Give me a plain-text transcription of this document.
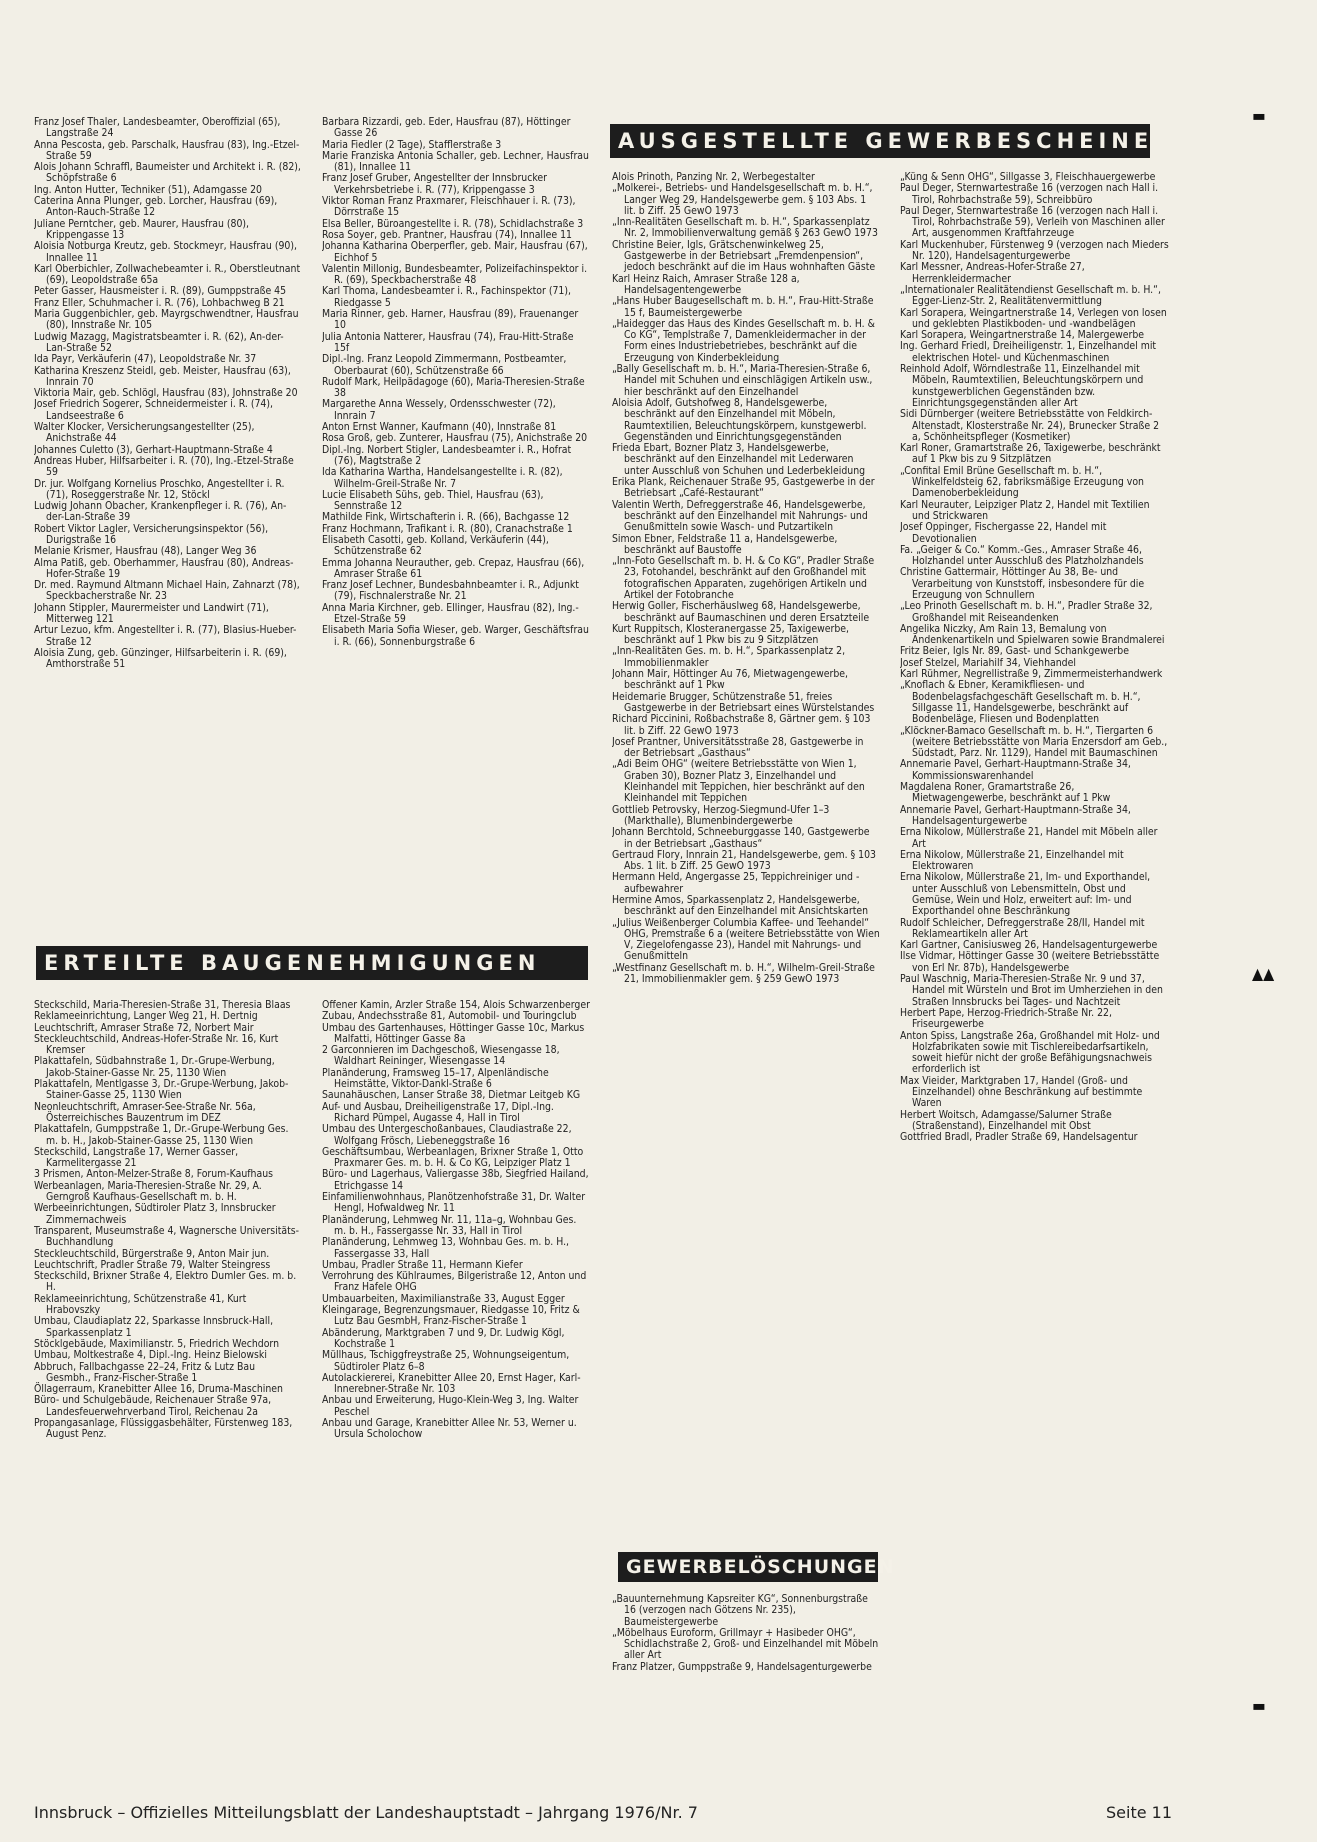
Franz Josef Thaler, Landesbeamter, Oberoffizial (65), Langstraße 24

Anna Pescosta, geb. Parschalk, Hausfrau (83), Ing.-Etzel-Straße 59

Alois Johann Schraffl, Baumeister und Architekt i. R. (82), Schöpfstraße 6

Ing. Anton Hutter, Techniker (51), Adamgasse 20

Caterina Anna Plunger, geb. Lorcher, Hausfrau (69), Anton-Rauch-Straße 12

Juliane Perntcher, geb. Maurer, Hausfrau (80), Krippengasse 13

Aloisia Notburga Kreutz, geb. Stockmeyr, Hausfrau (90), Innallee 11

Karl Oberbichler, Zollwachebeamter i. R., Oberstleutnant (69), Leopoldstraße 65a

Peter Gasser, Hausmeister i. R. (89), Gumppstraße 45

Franz Eller, Schuhmacher i. R. (76), Lohbachweg B 21

Maria Guggenbichler, geb. Mayrgschwendtner, Hausfrau (80), Innstraße Nr. 105

Ludwig Mazagg, Magistratsbeamter i. R. (62), An-der-Lan-Straße 52

Ida Payr, Verkäuferin (47), Leopoldstraße Nr. 37

Katharina Kreszenz Steidl, geb. Meister, Hausfrau (63), Innrain 70

Viktoria Mair, geb. Schlögl, Hausfrau (83), Johnstraße 20

Josef Friedrich Sogerer, Schneidermeister i. R. (74), Landseestraße 6

Walter Klocker, Versicherungsangestellter (25), Anichstraße 44

Johannes Culetto (3), Gerhart-Hauptmann-Straße 4

Andreas Huber, Hilfsarbeiter i. R. (70), Ing.-Etzel-Straße 59

Dr. jur. Wolfgang Kornelius Proschko, Angestellter i. R. (71), Roseggerstraße Nr. 12, Stöckl

Ludwig Johann Obacher, Krankenpfleger i. R. (76), An-der-Lan-Straße 39

Robert Viktor Lagler, Versicherungsinspektor (56), Durigstraße 16

Melanie Krismer, Hausfrau (48), Langer Weg 36

Alma Patiß, geb. Oberhammer, Hausfrau (80), Andreas-Hofer-Straße 19

Dr. med. Raymund Altmann Michael Hain, Zahnarzt (78), Speckbacherstraße Nr. 23

Johann Stippler, Maurermeister und Landwirt (71), Mitterweg 121

Artur Lezuo, kfm. Angestellter i. R. (77), Blasius-Hueber-Straße 12

Aloisia Zung, geb. Günzinger, Hilfsarbeiterin i. R. (69), Amthorstraße 51

Barbara Rizzardi, geb. Eder, Hausfrau (87), Höttinger Gasse 26

Maria Fiedler (2 Tage), Stafflerstraße 3

Marie Franziska Antonia Schaller, geb. Lechner, Hausfrau (81), Innallee 11

Franz Josef Gruber, Angestellter der Innsbrucker Verkehrsbetriebe i. R. (77), Krippengasse 3

Viktor Roman Franz Praxmarer, Fleischhauer i. R. (73), Dörrstraße 15

Elsa Beller, Büroangestellte i. R. (78), Schidlachstraße 3

Rosa Soyer, geb. Prantner, Hausfrau (74), Innallee 11

Johanna Katharina Oberperfler, geb. Mair, Hausfrau (67), Eichhof 5

Valentin Millonig, Bundesbeamter, Polizeifachinspektor i. R. (69), Speckbacherstraße 48

Karl Thoma, Landesbeamter i. R., Fachinspektor (71), Riedgasse 5

Maria Rinner, geb. Harner, Hausfrau (89), Frauenanger 10

Julia Antonia Natterer, Hausfrau (74), Frau-Hitt-Straße 15f

Dipl.-Ing. Franz Leopold Zimmermann, Postbeamter, Oberbaurat (60), Schützenstraße 66

Rudolf Mark, Heilpädagoge (60), Maria-Theresien-Straße 38

Margarethe Anna Wessely, Ordensschwester (72), Innrain 7

Anton Ernst Wanner, Kaufmann (40), Innstraße 81

Rosa Groß, geb. Zunterer, Hausfrau (75), Anichstraße 20

Dipl.-Ing. Norbert Stigler, Landesbeamter i. R., Hofrat (76), Magtstraße 2

Ida Katharina Wartha, Handelsangestellte i. R. (82), Wilhelm-Greil-Straße Nr. 7

Lucie Elisabeth Sühs, geb. Thiel, Hausfrau (63), Sennstraße 12

Mathilde Fink, Wirtschafterin i. R. (66), Bachgasse 12

Franz Hochmann, Trafikant i. R. (80), Cranachstraße 1

Elisabeth Casotti, geb. Kolland, Verkäuferin (44), Schützenstraße 62

Emma Johanna Neurauther, geb. Crepaz, Hausfrau (66), Amraser Straße 61

Franz Josef Lechner, Bundesbahnbeamter i. R., Adjunkt (79), Fischnalerstraße Nr. 21

Anna Maria Kirchner, geb. Ellinger, Hausfrau (82), Ing.-Etzel-Straße 59

Elisabeth Maria Sofia Wieser, geb. Warger, Geschäftsfrau i. R. (66), Sonnenburgstraße 6

ERTEILTE BAUGENEHMIGUNGEN

Steckschild, Maria-Theresien-Straße 31, Theresia Blaas

Reklameeinrichtung, Langer Weg 21, H. Dertnig

Leuchtschrift, Amraser Straße 72, Norbert Mair

Steckleuchtschild, Andreas-Hofer-Straße Nr. 16, Kurt Kremser

Plakattafeln, Südbahnstraße 1, Dr.-Grupe-Werbung, Jakob-Stainer-Gasse Nr. 25, 1130 Wien

Plakattafeln, Mentlgasse 3, Dr.-Grupe-Werbung, Jakob-Stainer-Gasse 25, 1130 Wien

Neonleuchtschrift, Amraser-See-Straße Nr. 56a, Österreichisches Bauzentrum im DEZ

Plakattafeln, Gumppstraße 1, Dr.-Grupe-Werbung Ges. m. b. H., Jakob-Stainer-Gasse 25, 1130 Wien

Steckschild, Langstraße 17, Werner Gasser, Karmelitergasse 21

3 Prismen, Anton-Melzer-Straße 8, Forum-Kaufhaus

Werbeanlagen, Maria-Theresien-Straße Nr. 29, A. Gerngroß Kaufhaus-Gesellschaft m. b. H.

Werbeeinrichtungen, Südtiroler Platz 3, Innsbrucker Zimmernachweis

Transparent, Museumstraße 4, Wagnersche Universitäts-Buchhandlung

Steckleuchtschild, Bürgerstraße 9, Anton Mair jun.

Leuchtschrift, Pradler Straße 79, Walter Steingress

Steckschild, Brixner Straße 4, Elektro Dumler Ges. m. b. H.

Reklameeinrichtung, Schützenstraße 41, Kurt Hrabovszky

Umbau, Claudiaplatz 22, Sparkasse Innsbruck-Hall, Sparkassenplatz 1

Stöcklgebäude, Maximilianstr. 5, Friedrich Wechdorn

Umbau, Moltkestraße 4, Dipl.-Ing. Heinz Bielowski

Abbruch, Fallbachgasse 22–24, Fritz & Lutz Bau Gesmbh., Franz-Fischer-Straße 1

Öllagerraum, Kranebitter Allee 16, Druma-Maschinen

Büro- und Schulgebäude, Reichenauer Straße 97a, Landesfeuerwehrverband Tirol, Reichenau 2a

Propangasanlage, Flüssiggasbehälter, Fürstenweg 183, August Penz.

Offener Kamin, Arzler Straße 154, Alois Schwarzenberger

Zubau, Andechsstraße 81, Automobil- und Touringclub

Umbau des Gartenhauses, Höttinger Gasse 10c, Markus Malfatti, Höttinger Gasse 8a

2 Garconnieren im Dachgeschoß, Wiesengasse 18, Waldhart Reininger, Wiesengasse 14

Planänderung, Framsweg 15–17, Alpenländische Heimstätte, Viktor-Dankl-Straße 6

Saunahäuschen, Lanser Straße 38, Dietmar Leitgeb KG

Auf- und Ausbau, Dreiheiligenstraße 17, Dipl.-Ing. Richard Pümpel, Augasse 4, Hall in Tirol

Umbau des Untergeschoßanbaues, Claudiastraße 22, Wolfgang Frösch, Liebeneggstraße 16

Geschäftsumbau, Werbeanlagen, Brixner Straße 1, Otto Praxmarer Ges. m. b. H. & Co KG, Leipziger Platz 1

Büro- und Lagerhaus, Valiergasse 38b, Siegfried Hailand, Etrichgasse 14

Einfamilienwohnhaus, Planötzenhofstraße 31, Dr. Walter Hengl, Hofwaldweg Nr. 11

Planänderung, Lehmweg Nr. 11, 11a–g, Wohnbau Ges. m. b. H., Fassergasse Nr. 33, Hall in Tirol

Planänderung, Lehmweg 13, Wohnbau Ges. m. b. H., Fassergasse 33, Hall

Umbau, Pradler Straße 11, Hermann Kiefer

Verrohrung des Kühlraumes, Bilgeristraße 12, Anton und Franz Hafele OHG

Umbauarbeiten, Maximilianstraße 33, August Egger

Kleingarage, Begrenzungsmauer, Riedgasse 10, Fritz & Lutz Bau GesmbH, Franz-Fischer-Straße 1

Abänderung, Marktgraben 7 und 9, Dr. Ludwig Kögl, Kochstraße 1

Müllhaus, Tschiggfreystraße 25, Wohnungseigentum, Südtiroler Platz 6–8

Autolackiererei, Kranebitter Allee 20, Ernst Hager, Karl-Innerebner-Straße Nr. 103

Anbau und Erweiterung, Hugo-Klein-Weg 3, Ing. Walter Peschel

Anbau und Garage, Kranebitter Allee Nr. 53, Werner u. Ursula Scholochow

AUSGESTELLTE GEWERBESCHEINE

Alois Prinoth, Panzing Nr. 2, Werbegestalter

„Molkerei-, Betriebs- und Handelsgesellschaft m. b. H.“, Langer Weg 29, Handelsgewerbe gem. § 103 Abs. 1 lit. b Ziff. 25 GewO 1973

„Inn-Realitäten Gesellschaft m. b. H.“, Sparkassenplatz Nr. 2, Immobilienverwaltung gemäß § 263 GewO 1973

Christine Beier, Igls, Grätschenwinkelweg 25, Gastgewerbe in der Betriebsart „Fremdenpension“, jedoch beschränkt auf die im Haus wohnhaften Gäste

Karl Heinz Raich, Amraser Straße 128 a, Handelsagentengewerbe

„Hans Huber Baugesellschaft m. b. H.“, Frau-Hitt-Straße 15 f, Baumeistergewerbe

„Haidegger das Haus des Kindes Gesellschaft m. b. H. & Co KG“, Templstraße 7, Damenkleidermacher in der Form eines Industriebetriebes, beschränkt auf die Erzeugung von Kinderbekleidung

„Bally Gesellschaft m. b. H.“, Maria-Theresien-Straße 6, Handel mit Schuhen und einschlägigen Artikeln usw., hier beschränkt auf den Einzelhandel

Aloisia Adolf, Gutshofweg 8, Handelsgewerbe, beschränkt auf den Einzelhandel mit Möbeln, Raumtextilien, Beleuchtungskörpern, kunstgewerbl. Gegenständen und Einrichtungsgegenständen

Frieda Ebart, Bozner Platz 3, Handelsgewerbe, beschränkt auf den Einzelhandel mit Lederwaren unter Ausschluß von Schuhen und Lederbekleidung

Erika Plank, Reichenauer Straße 95, Gastgewerbe in der Betriebsart „Café-Restaurant“

Valentin Werth, Defreggerstraße 46, Handelsgewerbe, beschränkt auf den Einzelhandel mit Nahrungs- und Genußmitteln sowie Wasch- und Putzartikeln

Simon Ebner, Feldstraße 11 a, Handelsgewerbe, beschränkt auf Baustoffe

„Inn-Foto Gesellschaft m. b. H. & Co KG“, Pradler Straße 23, Fotohandel, beschränkt auf den Großhandel mit fotografischen Apparaten, zugehörigen Artikeln und Artikel der Fotobranche

Herwig Goller, Fischerhäuslweg 68, Handelsgewerbe, beschränkt auf Baumaschinen und deren Ersatzteile

Kurt Ruppitsch, Klosteranergasse 25, Taxigewerbe, beschränkt auf 1 Pkw bis zu 9 Sitzplätzen

„Inn-Realitäten Ges. m. b. H.“, Sparkassenplatz 2, Immobilienmakler

Johann Mair, Höttinger Au 76, Mietwagengewerbe, beschränkt auf 1 Pkw

Heidemarie Brugger, Schützenstraße 51, freies Gastgewerbe in der Betriebsart eines Würstelstandes

Richard Piccinini, Roßbachstraße 8, Gärtner gem. § 103 lit. b Ziff. 22 GewO 1973

Josef Prantner, Universitätsstraße 28, Gastgewerbe in der Betriebsart „Gasthaus“

„Adi Beim OHG“ (weitere Betriebsstätte von Wien 1, Graben 30), Bozner Platz 3, Einzelhandel und Kleinhandel mit Teppichen, hier beschränkt auf den Kleinhandel mit Teppichen

Gottlieb Petrovsky, Herzog-Siegmund-Ufer 1–3 (Markthalle), Blumenbindergewerbe

Johann Berchtold, Schneeburggasse 140, Gastgewerbe in der Betriebsart „Gasthaus“

Gertraud Flory, Innrain 21, Handelsgewerbe, gem. § 103 Abs. 1 lit. b Ziff. 25 GewO 1973

Hermann Held, Angergasse 25, Teppichreiniger und -aufbewahrer

Hermine Amos, Sparkassenplatz 2, Handelsgewerbe, beschränkt auf den Einzelhandel mit Ansichtskarten

„Julius Weißenberger Columbia Kaffee- und Teehandel“ OHG, Premstraße 6 a (weitere Betriebsstätte von Wien V, Ziegelofengasse 23), Handel mit Nahrungs- und Genußmitteln

„Westfinanz Gesellschaft m. b. H.“, Wilhelm-Greil-Straße 21, Immobilienmakler gem. § 259 GewO 1973

„Küng & Senn OHG“, Sillgasse 3, Fleischhauergewerbe

Paul Deger, Sternwartestraße 16 (verzogen nach Hall i. Tirol, Rohrbachstraße 59), Schreibbüro

Paul Deger, Sternwartestraße 16 (verzogen nach Hall i. Tirol, Rohrbachstraße 59), Verleih von Maschinen aller Art, ausgenommen Kraftfahrzeuge

Karl Muckenhuber, Fürstenweg 9 (verzogen nach Mieders Nr. 120), Handelsagenturgewerbe

Karl Messner, Andreas-Hofer-Straße 27, Herrenkleidermacher

„Internationaler Realitätendienst Gesellschaft m. b. H.“, Egger-Lienz-Str. 2, Realitätenvermittlung

Karl Sorapera, Weingartnerstraße 14, Verlegen von losen und geklebten Plastikboden- und -wandbelägen

Karl Sorapera, Weingartnerstraße 14, Malergewerbe

Ing. Gerhard Friedl, Dreiheiligenstr. 1, Einzelhandel mit elektrischen Hotel- und Küchenmaschinen

Reinhold Adolf, Wörndlestraße 11, Einzelhandel mit Möbeln, Raumtextilien, Beleuchtungskörpern und kunstgewerblichen Gegenständen bzw. Einrichtungsgegenständen aller Art

Sidi Dürnberger (weitere Betriebsstätte von Feldkirch-Altenstadt, Klosterstraße Nr. 24), Brunecker Straße 2 a, Schönheitspfleger (Kosmetiker)

Karl Roner, Gramartstraße 26, Taxigewerbe, beschränkt auf 1 Pkw bis zu 9 Sitzplätzen

„Confital Emil Brüne Gesellschaft m. b. H.“, Winkelfeldsteig 62, fabriksmäßige Erzeugung von Damenoberbekleidung

Karl Neurauter, Leipziger Platz 2, Handel mit Textilien und Strickwaren

Josef Oppinger, Fischergasse 22, Handel mit Devotionalien

Fa. „Geiger & Co.“ Komm.-Ges., Amraser Straße 46, Holzhandel unter Ausschluß des Platzholzhandels

Christine Gattermair, Höttinger Au 38, Be- und Verarbeitung von Kunststoff, insbesondere für die Erzeugung von Schnullern

„Leo Prinoth Gesellschaft m. b. H.“, Pradler Straße 32, Großhandel mit Reiseandenken

Angelika Niczky, Am Rain 13, Bemalung von Andenkenartikeln und Spielwaren sowie Brandmalerei

Fritz Beier, Igls Nr. 89, Gast- und Schankgewerbe

Josef Stelzel, Mariahilf 34, Viehhandel

Karl Rühmer, Negrellistraße 9, Zimmermeisterhandwerk

„Knoflach & Ebner, Keramikfliesen- und Bodenbelagsfachgeschäft Gesellschaft m. b. H.“, Sillgasse 11, Handelsgewerbe, beschränkt auf Bodenbeläge, Fliesen und Bodenplatten

„Klöckner-Bamaco Gesellschaft m. b. H.“, Tiergarten 6 (weitere Betriebsstätte von Maria Enzersdorf am Geb., Südstadt, Parz. Nr. 1129), Handel mit Baumaschinen

Annemarie Pavel, Gerhart-Hauptmann-Straße 34, Kommissionswarenhandel

Magdalena Roner, Gramartstraße 26, Mietwagengewerbe, beschränkt auf 1 Pkw

Annemarie Pavel, Gerhart-Hauptmann-Straße 34, Handelsagenturgewerbe

Erna Nikolow, Müllerstraße 21, Handel mit Möbeln aller Art

Erna Nikolow, Müllerstraße 21, Einzelhandel mit Elektrowaren

Erna Nikolow, Müllerstraße 21, Im- und Exporthandel, unter Ausschluß von Lebensmitteln, Obst und Gemüse, Wein und Holz, erweitert auf: Im- und Exporthandel ohne Beschränkung

Rudolf Schleicher, Defreggerstraße 28/II, Handel mit Reklameartikeln aller Art

Karl Gartner, Canisiusweg 26, Handelsagenturgewerbe

Ilse Vidmar, Höttinger Gasse 30 (weitere Betriebsstätte von Erl Nr. 87b), Handelsgewerbe

Paul Waschnig, Maria-Theresien-Straße Nr. 9 und 37, Handel mit Würsteln und Brot im Umherziehen in den Straßen Innsbrucks bei Tages- und Nachtzeit

Herbert Pape, Herzog-Friedrich-Straße Nr. 22, Friseurgewerbe

Anton Spiss, Langstraße 26a, Großhandel mit Holz- und Holzfabrikaten sowie mit Tischlereibedarfsartikeln, soweit hiefür nicht der große Befähigungsnachweis erforderlich ist

Max Vieider, Marktgraben 17, Handel (Groß- und Einzelhandel) ohne Beschränkung auf bestimmte Waren

Herbert Woitsch, Adamgasse/Salurner Straße (Straßenstand), Einzelhandel mit Obst

Gottfried Bradl, Pradler Straße 69, Handelsagentur

GEWERBELÖSCHUNGEN

„Bauunternehmung Kapsreiter KG“, Sonnenburgstraße 16 (verzogen nach Götzens Nr. 235), Baumeistergewerbe

„Möbelhaus Euroform, Grillmayr + Hasibeder OHG“, Schidlachstraße 2, Groß- und Einzelhandel mit Möbeln aller Art

Franz Platzer, Gumppstraße 9, Handelsagenturgewerbe

Innsbruck – Offizielles Mitteilungsblatt der Landeshauptstadt – Jahrgang 1976/Nr. 7	Seite 11
▬
▲▲
▬
